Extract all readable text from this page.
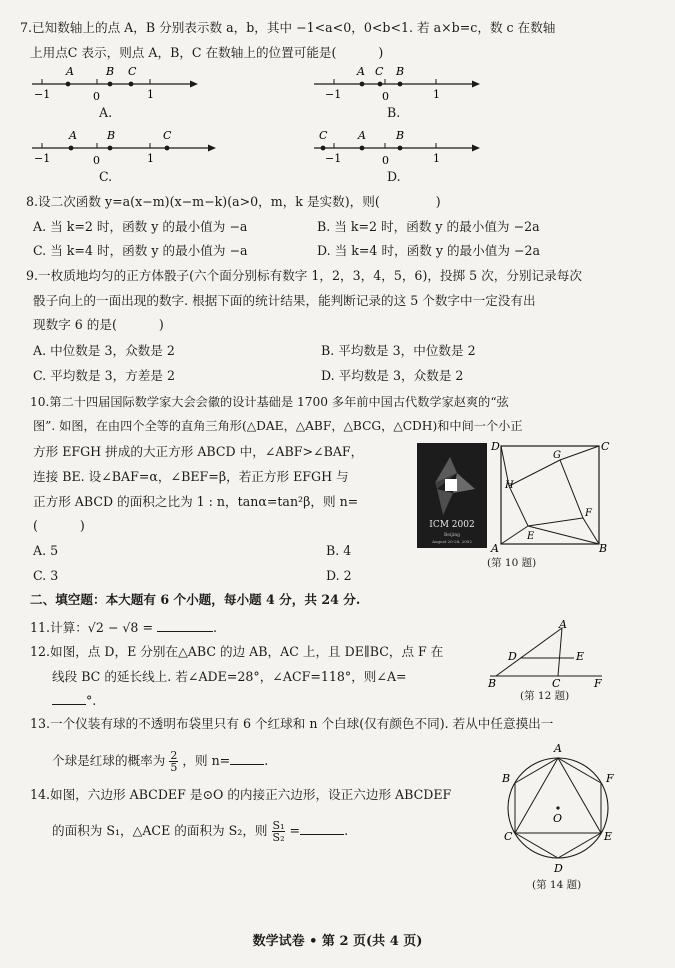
7.已知数轴上的点 A，B 分别表示数 a，b，其中 −1<a<0，0<b<1. 若 a×b=c，数 c 在数轴
上用点C 表示，则点 A，B，C 在数轴上的位置可能是(	)
A	B C
−1	0	1
A.
A C B
−1	0	1
B.
A	B	C
−1	0	1
C.
C	A	B
−1	0	1
D.
8.设二次函数 y=a(x−m)(x−m−k)(a>0，m，k 是实数)，则(	)
A. 当 k=2 时，函数 y 的最小值为 −a	B. 当 k=2 时，函数 y 的最小值为 −2a
C. 当 k=4 时，函数 y 的最小值为 −a	D. 当 k=4 时，函数 y 的最小值为 −2a
9.一枚质地均匀的正方体骰子(六个面分别标有数字 1，2，3，4，5，6)，投掷 5 次，分别记录每次
骰子向上的一面出现的数字. 根据下面的统计结果，能判断记录的这 5 个数字中一定没有出
现数字 6 的是(	)
A. 中位数是 3，众数是 2	B. 平均数是 3，中位数是 2
C. 平均数是 3，方差是 2	D. 平均数是 3，众数是 2
10.第二十四届国际数学家大会会徽的设计基础是 1700 多年前中国古代数学家赵爽的“弦
图”. 如图，在由四个全等的直角三角形(△DAE，△ABF，△BCG，△CDH)和中间一个小正
方形 EFGH 拼成的大正方形 ABCD 中，∠ABF>∠BAF，
连接 BE. 设∠BAF=α，∠BEF=β，若正方形 EFGH 与
正方形 ABCD 的面积之比为 1 : n，tanα=tan²β，则 n=
(	)
A. 5	B. 4
C. 3	D. 2
ICM 2002
Beijing
August 20-28, 2002
A	B
C
D
E
F
G
H
(第 10 题)
二、填空题：本大题有 6 个小题，每小题 4 分，共 24 分.
11.计算：√2 − √8 =	.
12.如图，点 D，E 分别在△ABC 的边 AB，AC 上，且 DE∥BC，点 F 在
线段 BC 的延长线上. 若∠ADE=28°，∠ACF=118°，则∠A=
°.
A
B	C
D	E
F
(第 12 题)
13.一个仪装有球的不透明布袋里只有 6 个红球和 n 个白球(仅有颜色不同). 若从中任意摸出一
个球是红球的概率为 $\frac{2}{5}$ ，则 n=	.
14.如图，六边形 ABCDEF 是⊙O 的内接正六边形，设正六边形 ABCDEF
的面积为 S₁，△ACE 的面积为 S₂，则 $\frac{\text{S₁}}{\text{S₂}}$ =	.
A
B
C
D
E
F
O
(第 14 题)
数学试卷 • 第 2 页(共 4 页)
